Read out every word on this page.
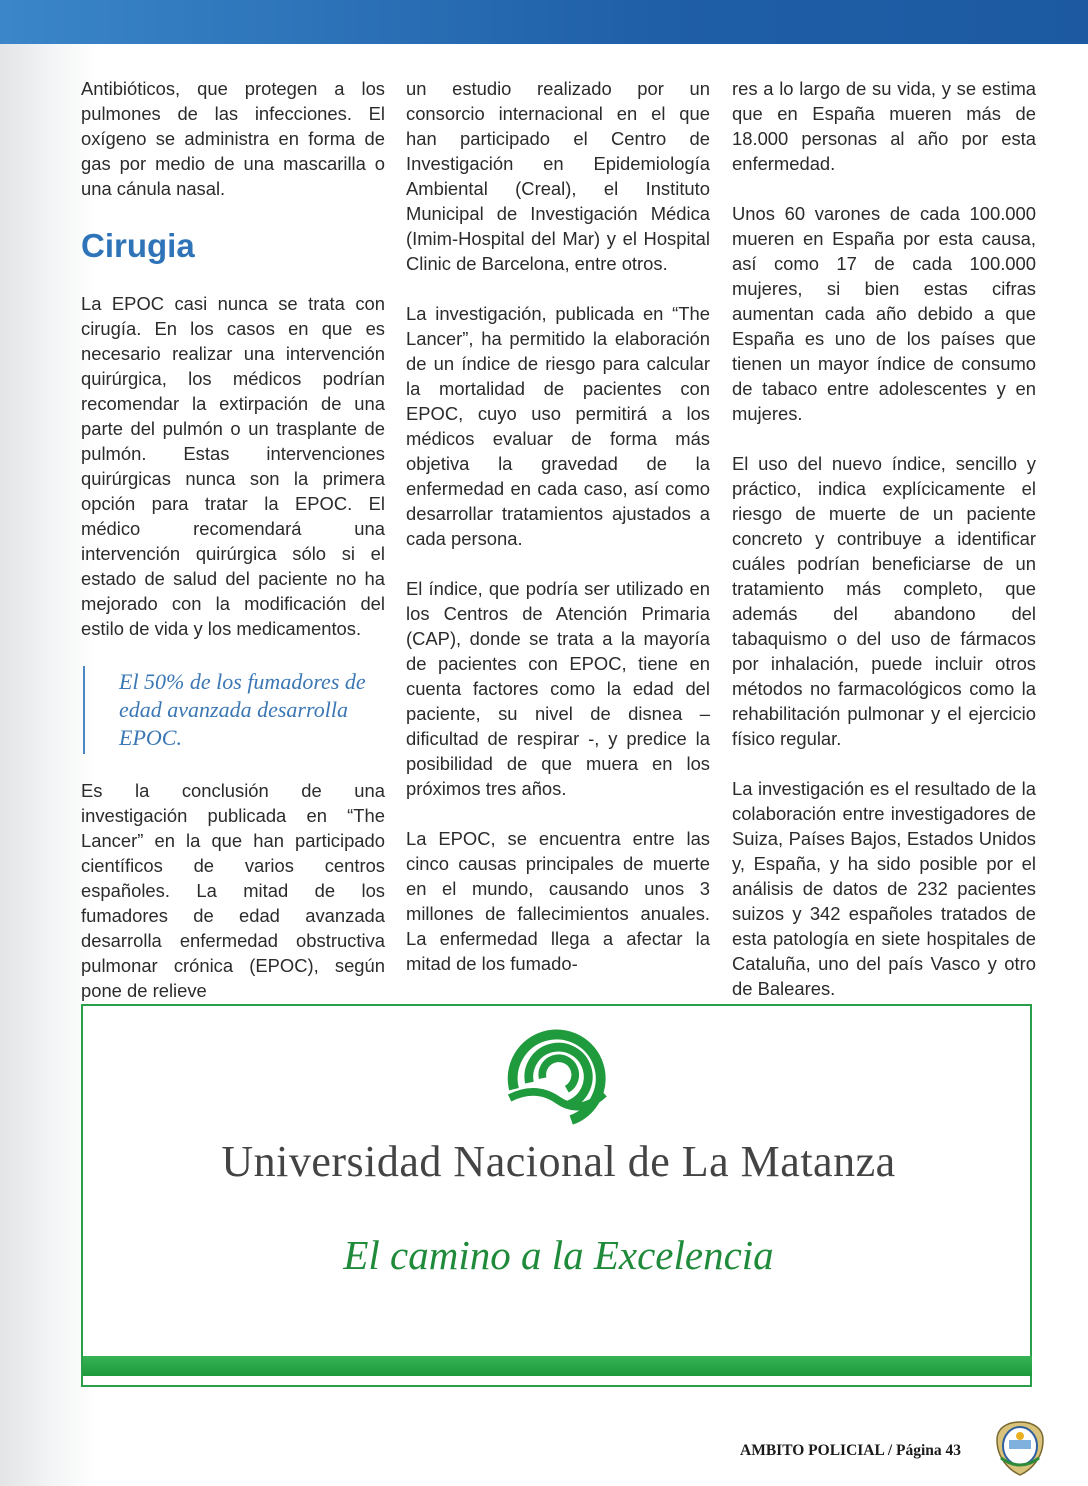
Antibióticos, que protegen a los pulmones de las infecciones. El oxígeno se administra en forma de gas por medio de una mascarilla o una cánula nasal.

Cirugia

La EPOC casi nunca se trata con cirugía. En los casos en que es necesario realizar una intervención quirúrgica, los médicos podrían recomendar la extirpación de una parte del pulmón o un trasplante de pulmón. Estas intervenciones quirúrgicas nunca son la primera opción para tratar la EPOC. El médico recomendará una intervención quirúrgica sólo si el estado de salud del paciente no ha mejorado con la modificación del estilo de vida y los medicamentos.

El 50% de los fumadores de edad avanzada desarrolla EPOC.

Es la conclusión de una investigación publicada en “The Lancer” en la que han participado científicos de varios centros españoles. La mitad de los fumadores de edad avanzada desarrolla enfermedad obstructiva pulmonar crónica (EPOC), según pone de relieve

un estudio realizado por un consorcio internacional en el que han participado el Centro de Investigación en Epidemiología Ambiental (Creal), el Instituto Municipal de Investigación Médica (Imim-Hospital del Mar) y el Hospital Clinic de Barcelona, entre otros.

La investigación, publicada en “The Lancer”, ha permitido la elaboración de un índice de riesgo para calcular la mortalidad de pacientes con EPOC, cuyo uso permitirá a los médicos evaluar de forma más objetiva la gravedad de la enfermedad en cada caso, así como desarrollar tratamientos ajustados a cada persona.

El índice, que podría ser utilizado en los Centros de Atención Primaria (CAP), donde se trata a la mayoría de pacientes con EPOC, tiene en cuenta factores como la edad del paciente, su nivel de disnea – dificultad de respirar -, y predice la posibilidad de que muera en los próximos tres años.

La EPOC, se encuentra entre las cinco causas principales de muerte en el mundo, causando unos 3 millones de fallecimientos anuales. La enfermedad llega a afectar la mitad de los fumado-

res a lo largo de su vida, y se estima que en España mueren más de 18.000 personas al año por esta enfermedad.

Unos 60 varones de cada 100.000 mueren en España por esta causa, así como 17 de cada 100.000 mujeres, si bien estas cifras aumentan cada año debido a que España es uno de los países que tienen un mayor índice de consumo de tabaco entre adolescentes y en mujeres.

El uso del nuevo índice, sencillo y práctico, indica explícicamente el riesgo de muerte de un paciente concreto y contribuye a identificar cuáles podrían beneficiarse de un tratamiento más completo, que además del abandono del tabaquismo o del uso de fármacos por inhalación, puede incluir otros métodos no farmacológicos como la rehabilitación pulmonar y el ejercicio físico regular.

La investigación es el resultado de la colaboración entre investigadores de Suiza, Países Bajos, Estados Unidos y, España, y ha sido posible por el análisis de datos de 232 pacientes suizos y 342 españoles tratados de esta patología en siete hospitales de Cataluña, uno del país Vasco y otro de Baleares.

Universidad Nacional de La Matanza
El camino a la Excelencia
AMBITO POLICIAL / Página 43
